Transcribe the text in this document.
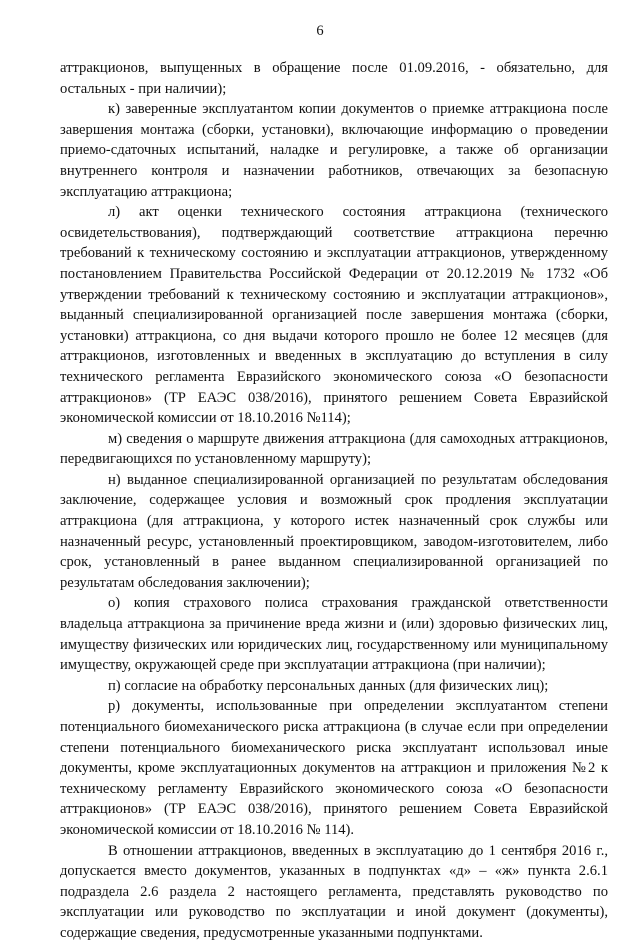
6

аттракционов, выпущенных в обращение после 01.09.2016, - обязательно, для остальных - при наличии);

к) заверенные эксплуатантом копии документов о приемке аттракциона после завершения монтажа (сборки, установки), включающие информацию о проведении приемо-сдаточных испытаний, наладке и регулировке, а также об организации внутреннего контроля и назначении работников, отвечающих за безопасную эксплуатацию аттракциона;

л) акт оценки технического состояния аттракциона (технического освидетельствования), подтверждающий соответствие аттракциона перечню требований к техническому состоянию и эксплуатации аттракционов, утвержденному постановлением Правительства Российской Федерации от 20.12.2019 № 1732 «Об утверждении требований к техническому состоянию и эксплуатации аттракционов», выданный специализированной организацией после завершения монтажа (сборки, установки) аттракциона, со дня выдачи которого прошло не более 12 месяцев (для аттракционов, изготовленных и введенных в эксплуатацию до вступления в силу технического регламента Евразийского экономического союза «О безопасности аттракционов» (ТР ЕАЭС 038/2016), принятого решением Совета Евразийской экономической комиссии от 18.10.2016 №114);

м) сведения о маршруте движения аттракциона (для самоходных аттракционов, передвигающихся по установленному маршруту);

н) выданное специализированной организацией по результатам обследования заключение, содержащее условия и возможный срок продления эксплуатации аттракциона (для аттракциона, у которого истек назначенный срок службы или назначенный ресурс, установленный проектировщиком, заводом-изготовителем, либо срок, установленный в ранее выданном специализированной организацией по результатам обследования заключении);

о) копия страхового полиса страхования гражданской ответственности владельца аттракциона за причинение вреда жизни и (или) здоровью физических лиц, имуществу физических или юридических лиц, государственному или муниципальному имуществу, окружающей среде при эксплуатации аттракциона (при наличии);

п) согласие на обработку персональных данных (для физических лиц);

р) документы, использованные при определении эксплуатантом степени потенциального биомеханического риска аттракциона (в случае если при определении степени потенциального биомеханического риска эксплуатант использовал иные документы, кроме эксплуатационных документов на аттракцион и приложения №2 к техническому регламенту Евразийского экономического союза «О безопасности аттракционов» (ТР ЕАЭС 038/2016), принятого решением Совета Евразийской экономической комиссии от 18.10.2016 № 114).

В отношении аттракционов, введенных в эксплуатацию до 1 сентября 2016 г., допускается вместо документов, указанных в подпунктах «д» – «ж» пункта 2.6.1 подраздела 2.6 раздела 2 настоящего регламента, представлять руководство по эксплуатации или руководство по эксплуатации и иной документ (документы), содержащие сведения, предусмотренные указанными подпунктами.
